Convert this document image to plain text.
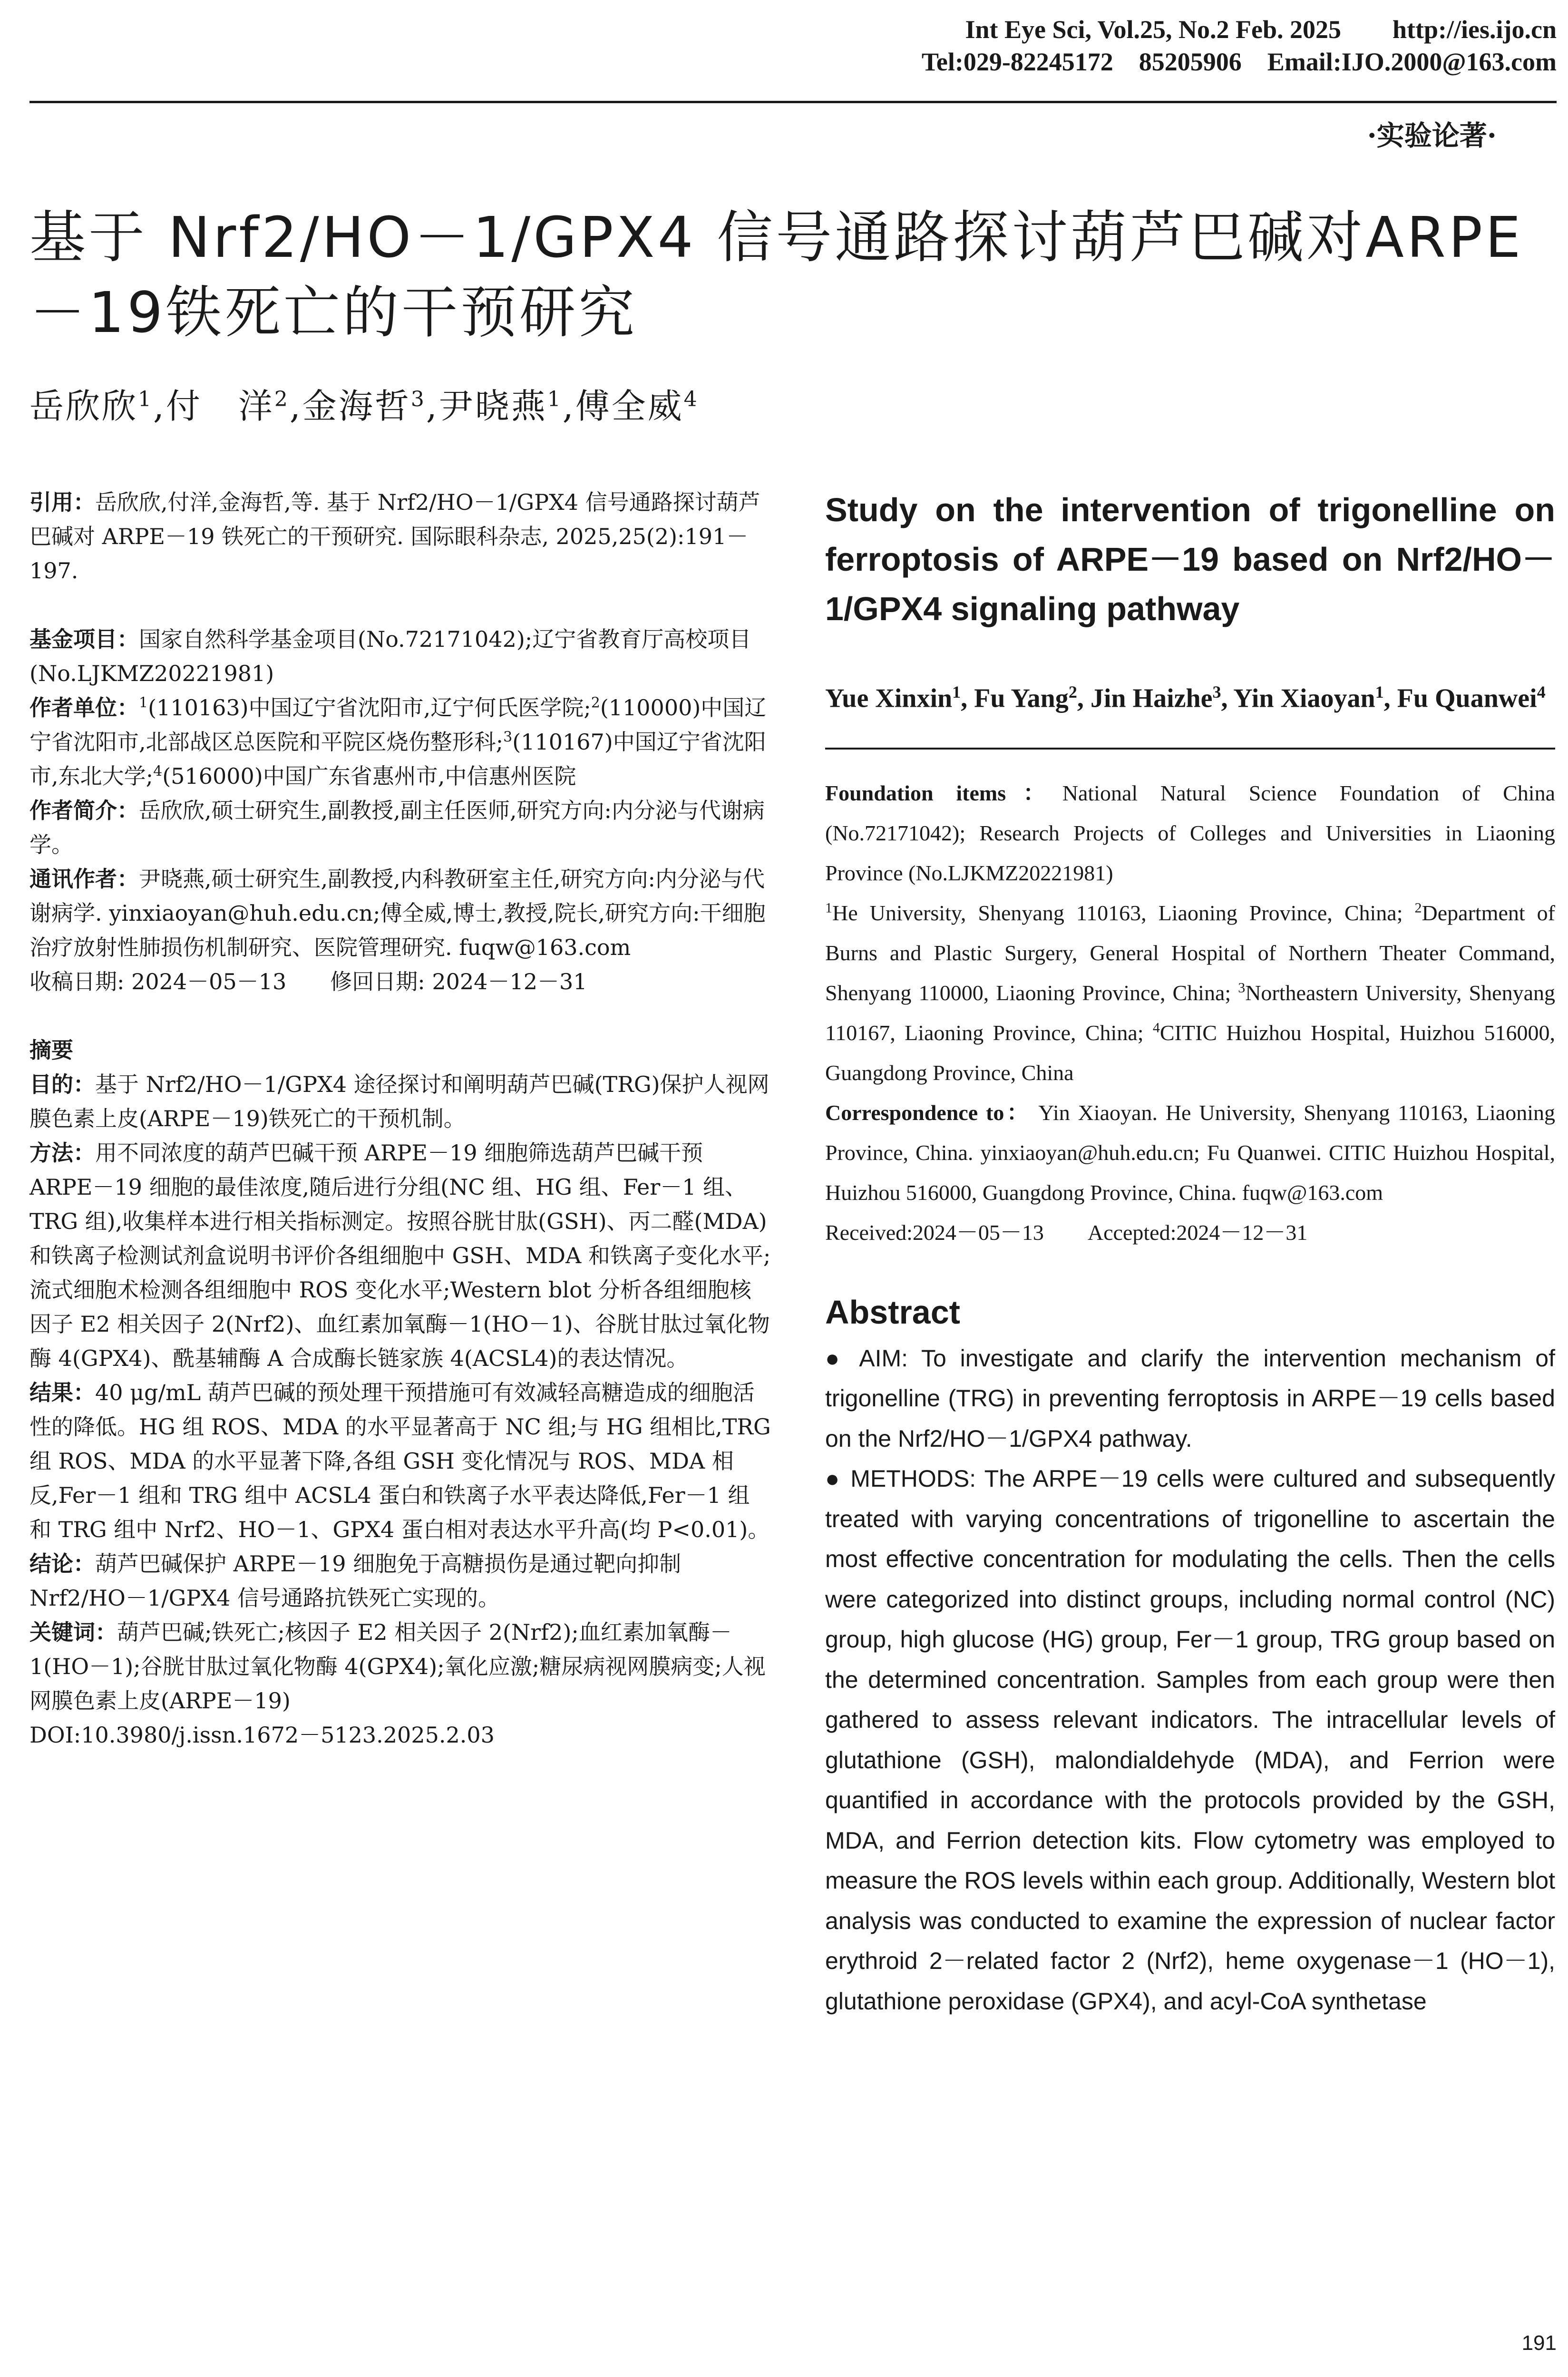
Int Eye Sci, Vol.25, No.2 Feb. 2025        http://ies.ijo.cn
Tel:029-82245172    85205906    Email:IJO.2000@163.com
·实验论著·
基于 Nrf2/HO－1/GPX4 信号通路探讨葫芦巴碱对ARPE－19铁死亡的干预研究
岳欣欣$^1$,付　洋$^2$,金海哲$^3$,尹晓燕$^1$,傅全威$^4$

引用：岳欣欣,付洋,金海哲,等. 基于 Nrf2/HO－1/GPX4 信号通路探讨葫芦巴碱对 ARPE－19 铁死亡的干预研究. 国际眼科杂志, 2025,25(2):191－197.

基金项目：国家自然科学基金项目(No.72171042);辽宁省教育厅高校项目(No.LJKMZ20221981)

作者单位：$^1$(110163)中国辽宁省沈阳市,辽宁何氏医学院;$^2$(110000)中国辽宁省沈阳市,北部战区总医院和平院区烧伤整形科;$^3$(110167)中国辽宁省沈阳市,东北大学;$^4$(516000)中国广东省惠州市,中信惠州医院

作者简介：岳欣欣,硕士研究生,副教授,副主任医师,研究方向:内分泌与代谢病学。

通讯作者：尹晓燕,硕士研究生,副教授,内科教研室主任,研究方向:内分泌与代谢病学. yinxiaoyan@huh.edu.cn;傅全威,博士,教授,院长,研究方向:干细胞治疗放射性肺损伤机制研究、医院管理研究. fuqw@163.com

收稿日期: 2024－05－13　　修回日期: 2024－12－31

摘要

目的：基于 Nrf2/HO－1/GPX4 途径探讨和阐明葫芦巴碱(TRG)保护人视网膜色素上皮(ARPE－19)铁死亡的干预机制。

方法：用不同浓度的葫芦巴碱干预 ARPE－19 细胞筛选葫芦巴碱干预 ARPE－19 细胞的最佳浓度,随后进行分组(NC 组、HG 组、Fer－1 组、TRG 组),收集样本进行相关指标测定。按照谷胱甘肽(GSH)、丙二醛(MDA)和铁离子检测试剂盒说明书评价各组细胞中 GSH、MDA 和铁离子变化水平;流式细胞术检测各组细胞中 ROS 变化水平;Western blot 分析各组细胞核因子 E2 相关因子 2(Nrf2)、血红素加氧酶－1(HO－1)、谷胱甘肽过氧化物酶 4(GPX4)、酰基辅酶 A 合成酶长链家族 4(ACSL4)的表达情况。

结果：40 μg/mL 葫芦巴碱的预处理干预措施可有效减轻高糖造成的细胞活性的降低。HG 组 ROS、MDA 的水平显著高于 NC 组;与 HG 组相比,TRG 组 ROS、MDA 的水平显著下降,各组 GSH 变化情况与 ROS、MDA 相反,Fer－1 组和 TRG 组中 ACSL4 蛋白和铁离子水平表达降低,Fer－1 组和 TRG 组中 Nrf2、HO－1、GPX4 蛋白相对表达水平升高(均 P<0.01)。

结论：葫芦巴碱保护 ARPE－19 细胞免于高糖损伤是通过靶向抑制 Nrf2/HO－1/GPX4 信号通路抗铁死亡实现的。

关键词：葫芦巴碱;铁死亡;核因子 E2 相关因子 2(Nrf2);血红素加氧酶－1(HO－1);谷胱甘肽过氧化物酶 4(GPX4);氧化应激;糖尿病视网膜病变;人视网膜色素上皮(ARPE－19)

DOI:10.3980/j.issn.1672－5123.2025.2.03

Study on the intervention of trigonelline on ferroptosis of ARPE－19 based on Nrf2/HO－1/GPX4 signaling pathway
Yue Xinxin$^1$, Fu Yang$^2$, Jin Haizhe$^3$, Yin Xiaoyan$^1$, Fu Quanwei$^4$

Foundation items：National Natural Science Foundation of China (No.72171042); Research Projects of Colleges and Universities in Liaoning Province (No.LJKMZ20221981)

$^1$He University, Shenyang 110163, Liaoning Province, China; $^2$Department of Burns and Plastic Surgery, General Hospital of Northern Theater Command, Shenyang 110000, Liaoning Province, China; $^3$Northeastern University, Shenyang 110167, Liaoning Province, China; $^4$CITIC Huizhou Hospital, Huizhou 516000, Guangdong Province, China

Correspondence to： Yin Xiaoyan. He University, Shenyang 110163, Liaoning Province, China. yinxiaoyan@huh.edu.cn; Fu Quanwei. CITIC Huizhou Hospital, Huizhou 516000, Guangdong Province, China. fuqw@163.com

Received:2024－05－13　　Accepted:2024－12－31

Abstract

● AIM: To investigate and clarify the intervention mechanism of trigonelline (TRG) in preventing ferroptosis in ARPE－19 cells based on the Nrf2/HO－1/GPX4 pathway.

● METHODS: The ARPE－19 cells were cultured and subsequently treated with varying concentrations of trigonelline to ascertain the most effective concentration for modulating the cells. Then the cells were categorized into distinct groups, including normal control (NC) group, high glucose (HG) group, Fer－1 group, TRG group based on the determined concentration. Samples from each group were then gathered to assess relevant indicators. The intracellular levels of glutathione (GSH), malondialdehyde (MDA), and Ferrion were quantified in accordance with the protocols provided by the GSH, MDA, and Ferrion detection kits. Flow cytometry was employed to measure the ROS levels within each group. Additionally, Western blot analysis was conducted to examine the expression of nuclear factor erythroid 2－related factor 2 (Nrf2), heme oxygenase－1 (HO－1), glutathione peroxidase (GPX4), and acyl-CoA synthetase

191
